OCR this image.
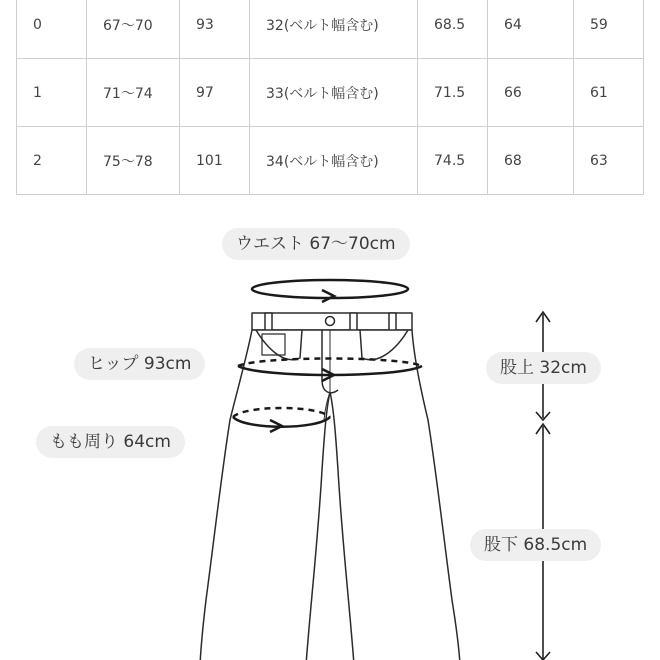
0	67〜70	93	32(ベルト幅含む)	68.5	64	59
1	71〜74	97	33(ベルト幅含む)	71.5	66	61
2	75〜78	101	34(ベルト幅含む)	74.5	68	63
ウエスト 67〜70cm
ヒップ 93cm
もも周り 64cm
股上 32cm
股下 68.5cm
